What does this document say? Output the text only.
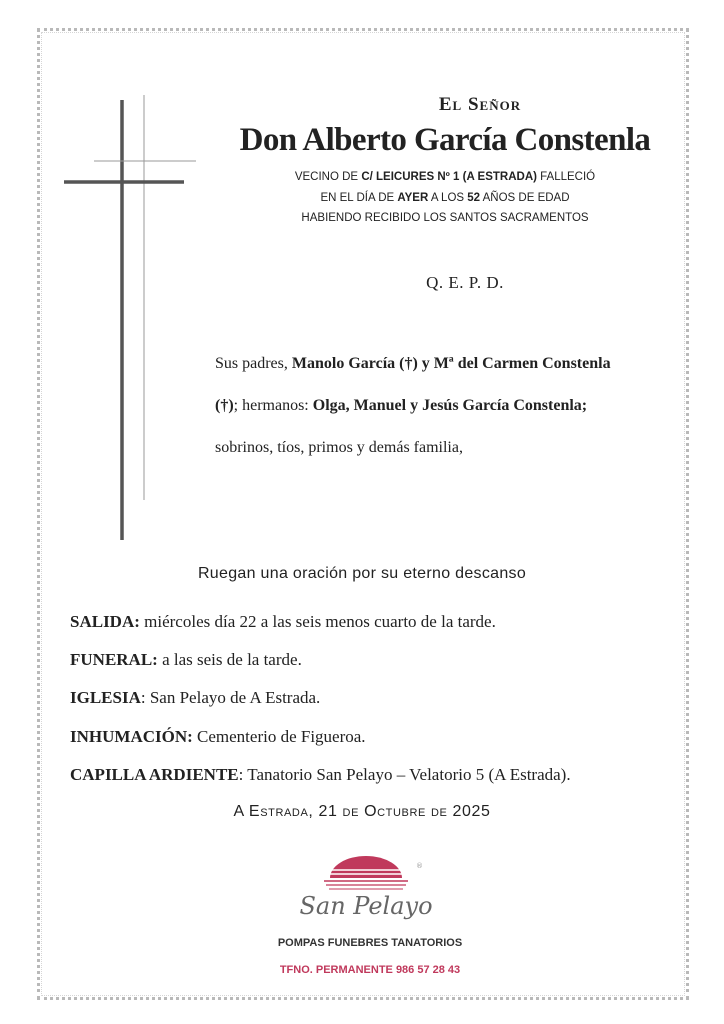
El Señor
Don Alberto García Constenla
VECINO DE C/ LEICURES Nº 1 (A ESTRADA) FALLECIÓ
EN EL DÍA DE AYER A LOS 52 AÑOS DE EDAD
HABIENDO RECIBIDO LOS SANTOS SACRAMENTOS
Q. E. P. D.
Sus padres, Manolo García (†) y Mª del Carmen Constenla
(†); hermanos: Olga, Manuel y Jesús García Constenla;
sobrinos, tíos, primos y demás familia,
Ruegan una oración por su eterno descanso
SALIDA: miércoles día 22 a las seis menos cuarto de la tarde.
FUNERAL: a las seis de la tarde.
IGLESIA: San Pelayo de A Estrada.
INHUMACIÓN: Cementerio de Figueroa.
CAPILLA ARDIENTE: Tanatorio San Pelayo – Velatorio 5 (A Estrada).
A Estrada, 21 de Octubre de 2025
San Pelayo
®
POMPAS FUNEBRES TANATORIOS
TFNO. PERMANENTE 986 57 28 43
